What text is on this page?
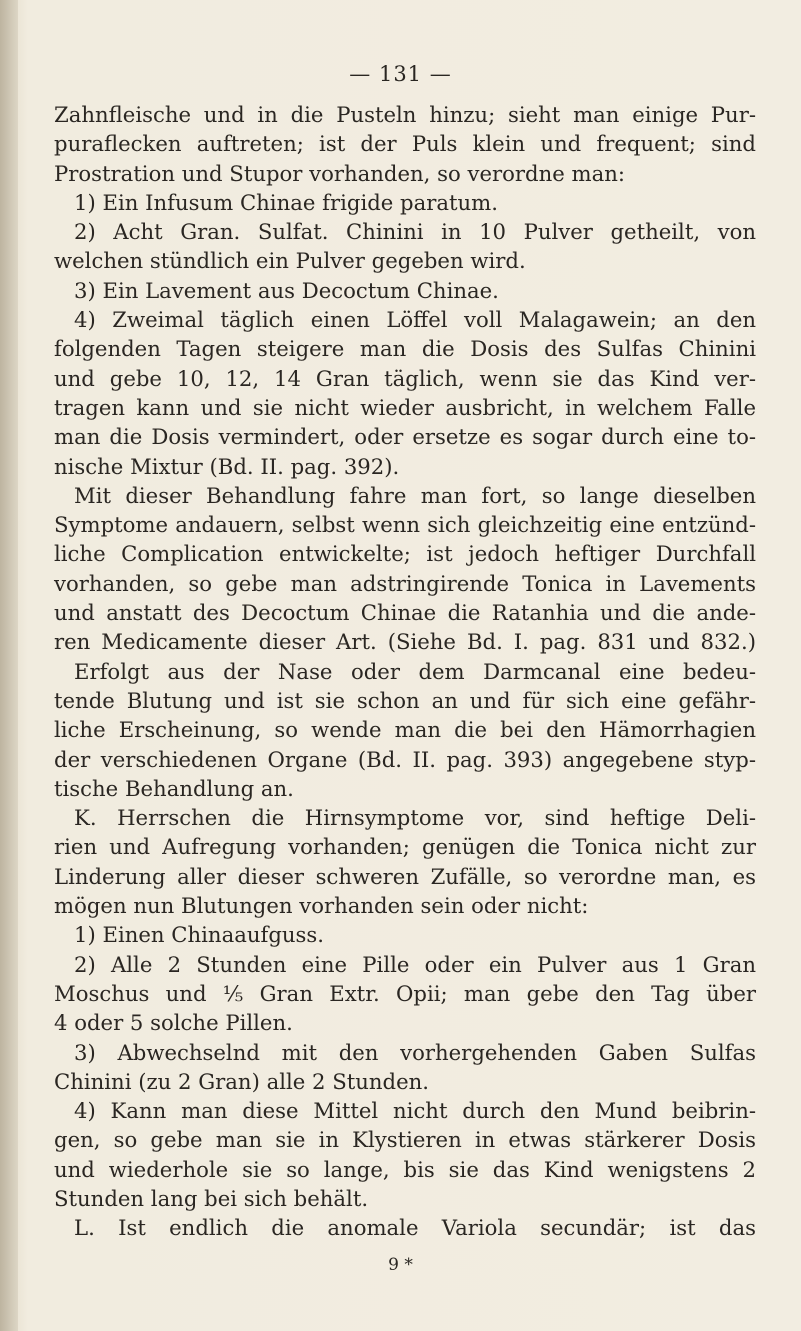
— 131 —
Zahnfleische und in die Pusteln hinzu; sieht man einige Pur-
puraflecken auftreten; ist der Puls klein und frequent; sind
Prostration und Stupor vorhanden, so verordne man:
1) Ein Infusum Chinae frigide paratum.
2) Acht Gran. Sulfat. Chinini in 10 Pulver getheilt, von
welchen stündlich ein Pulver gegeben wird.
3) Ein Lavement aus Decoctum Chinae.
4) Zweimal täglich einen Löffel voll Malagawein; an den
folgenden Tagen steigere man die Dosis des Sulfas Chinini
und gebe 10, 12, 14 Gran täglich, wenn sie das Kind ver-
tragen kann und sie nicht wieder ausbricht, in welchem Falle
man die Dosis vermindert, oder ersetze es sogar durch eine to-
nische Mixtur (Bd. II. pag. 392).
Mit dieser Behandlung fahre man fort, so lange dieselben
Symptome andauern, selbst wenn sich gleichzeitig eine entzünd-
liche Complication entwickelte; ist jedoch heftiger Durchfall
vorhanden, so gebe man adstringirende Tonica in Lavements
und anstatt des Decoctum Chinae die Ratanhia und die ande-
ren Medicamente dieser Art. (Siehe Bd. I. pag. 831 und 832.)
Erfolgt aus der Nase oder dem Darmcanal eine bedeu-
tende Blutung und ist sie schon an und für sich eine gefähr-
liche Erscheinung, so wende man die bei den Hämorrhagien
der verschiedenen Organe (Bd. II. pag. 393) angegebene styp-
tische Behandlung an.
K. Herrschen die Hirnsymptome vor, sind heftige Deli-
rien und Aufregung vorhanden; genügen die Tonica nicht zur
Linderung aller dieser schweren Zufälle, so verordne man, es
mögen nun Blutungen vorhanden sein oder nicht:
1) Einen Chinaaufguss.
2) Alle 2 Stunden eine Pille oder ein Pulver aus 1 Gran
Moschus und ⅕ Gran Extr. Opii; man gebe den Tag über
4 oder 5 solche Pillen.
3) Abwechselnd mit den vorhergehenden Gaben Sulfas
Chinini (zu 2 Gran) alle 2 Stunden.
4) Kann man diese Mittel nicht durch den Mund beibrin-
gen, so gebe man sie in Klystieren in etwas stärkerer Dosis
und wiederhole sie so lange, bis sie das Kind wenigstens 2
Stunden lang bei sich behält.
L. Ist endlich die anomale Variola secundär; ist das
9 *
